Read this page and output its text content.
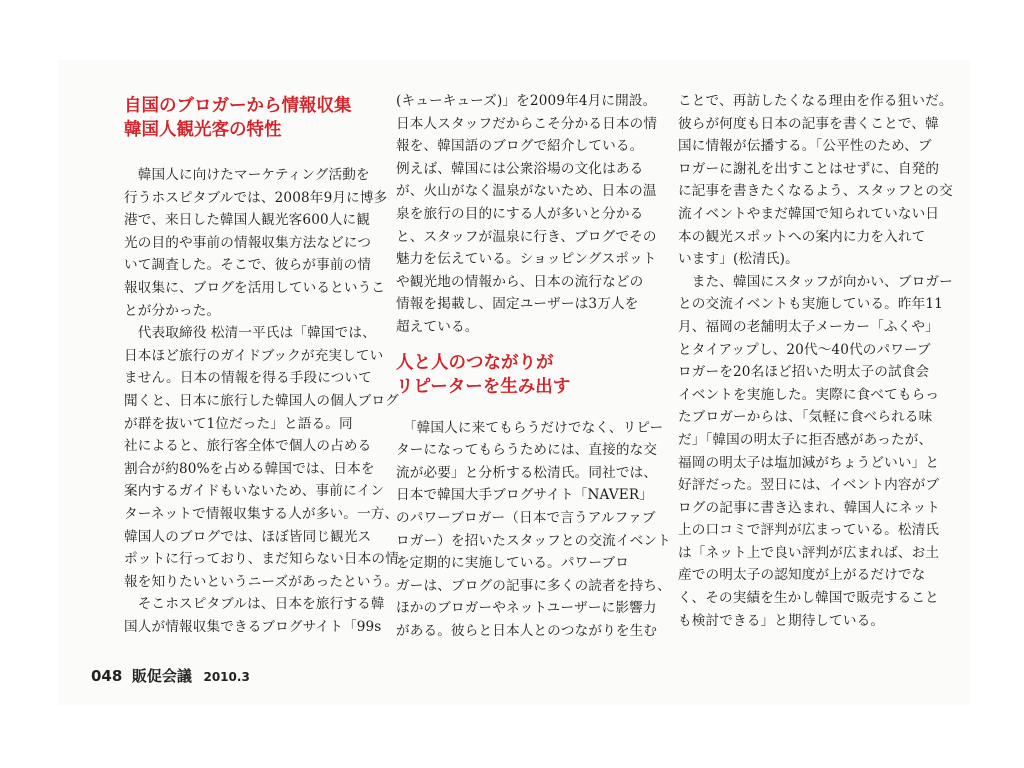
自国のブロガーから情報収集
韓国人観光客の特性
　韓国人に向けたマーケティング活動を
行うホスピタブルでは、2008年9月に博多
港で、来日した韓国人観光客600人に観
光の目的や事前の情報収集方法などにつ
いて調査した。そこで、彼らが事前の情
報収集に、ブログを活用しているというこ
とが分かった。
　代表取締役 松清一平氏は「韓国では、
日本ほど旅行のガイドブックが充実してい
ません。日本の情報を得る手段について
聞くと、日本に旅行した韓国人の個人ブログ
が群を抜いて1位だった」と語る。同
社によると、旅行客全体で個人の占める
割合が約80%を占める韓国では、日本を
案内するガイドもいないため、事前にイン
ターネットで情報収集する人が多い。一方、
韓国人のブログでは、ほぼ皆同じ観光ス
ポットに行っており、まだ知らない日本の情
報を知りたいというニーズがあったという。
　そこホスピタブルは、日本を旅行する韓
国人が情報収集できるブログサイト「99s
(キューキューズ)」を2009年4月に開設。
日本人スタッフだからこそ分かる日本の情
報を、韓国語のブログで紹介している。
例えば、韓国には公衆浴場の文化はある
が、火山がなく温泉がないため、日本の温
泉を旅行の目的にする人が多いと分かる
と、スタッフが温泉に行き、ブログでその
魅力を伝えている。ショッピングスポット
や観光地の情報から、日本の流行などの
情報を掲載し、固定ユーザーは3万人を
超えている。
人と人のつながりが
リピーターを生み出す
　「韓国人に来てもらうだけでなく、リピー
ターになってもらうためには、直接的な交
流が必要」と分析する松清氏。同社では、
日本で韓国大手ブログサイト「NAVER」
のパワーブロガー（日本で言うアルファブ
ロガー）を招いたスタッフとの交流イベント
を定期的に実施している。パワーブロ
ガーは、ブログの記事に多くの読者を持ち、
ほかのブロガーやネットユーザーに影響力
がある。彼らと日本人とのつながりを生む
ことで、再訪したくなる理由を作る狙いだ。
彼らが何度も日本の記事を書くことで、韓
国に情報が伝播する。「公平性のため、ブ
ロガーに謝礼を出すことはせずに、自発的
に記事を書きたくなるよう、スタッフとの交
流イベントやまだ韓国で知られていない日
本の観光スポットへの案内に力を入れて
います」(松清氏)。
　また、韓国にスタッフが向かい、ブロガー
との交流イベントも実施している。昨年11
月、福岡の老舗明太子メーカー「ふくや」
とタイアップし、20代～40代のパワーブ
ロガーを20名ほど招いた明太子の試食会
イベントを実施した。実際に食べてもらっ
たブロガーからは、「気軽に食べられる味
だ」「韓国の明太子に拒否感があったが、
福岡の明太子は塩加減がちょうどいい」と
好評だった。翌日には、イベント内容がブ
ログの記事に書き込まれ、韓国人にネット
上の口コミで評判が広まっている。松清氏
は「ネット上で良い評判が広まれば、お土
産での明太子の認知度が上がるだけでな
く、その実績を生かし韓国で販売すること
も検討できる」と期待している。
048 販促会議 2010.3
